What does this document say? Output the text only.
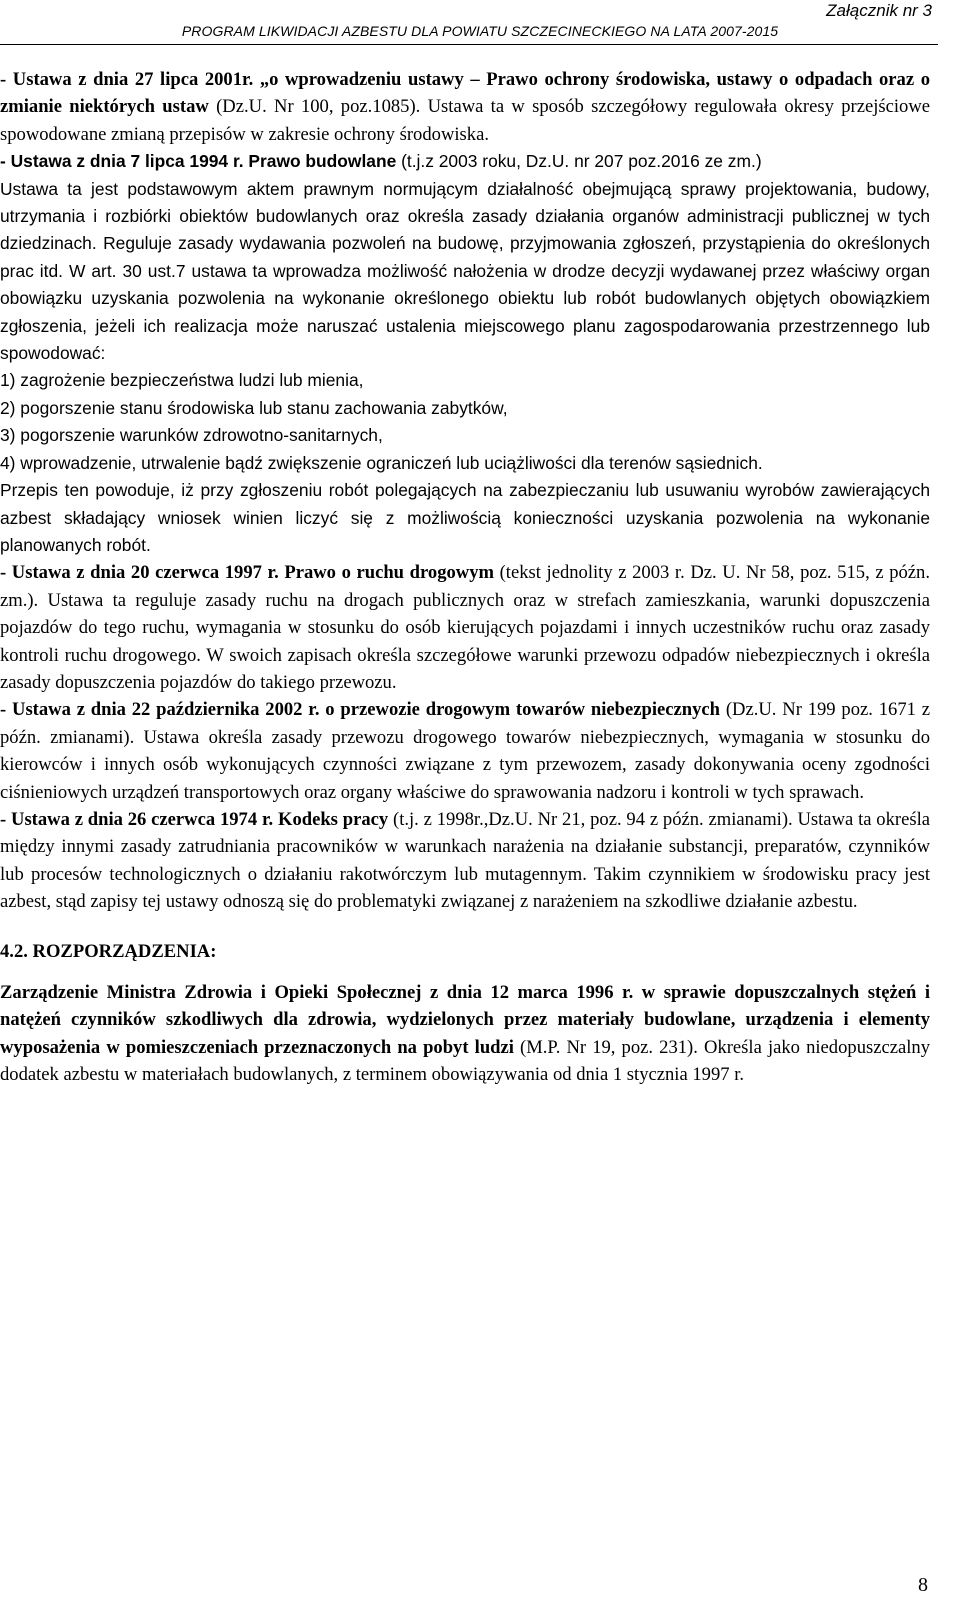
Załącznik nr 3
PROGRAM LIKWIDACJI AZBESTU DLA POWIATU SZCZECINECKIEGO NA LATA 2007-2015

- Ustawa z dnia 27 lipca 2001r. „o wprowadzeniu ustawy – Prawo ochrony środowiska, ustawy o odpadach oraz o zmianie niektórych ustaw (Dz.U. Nr 100, poz.1085). Ustawa ta w sposób szczegółowy regulowała okresy przejściowe spowodowane zmianą przepisów w zakresie ochrony środowiska.

- Ustawa z dnia 7 lipca 1994 r. Prawo budowlane (t.j.z 2003 roku, Dz.U. nr 207 poz.2016 ze zm.)

Ustawa ta jest podstawowym aktem prawnym normującym działalność obejmującą sprawy projektowania, budowy, utrzymania i rozbiórki obiektów budowlanych oraz określa zasady działania organów administracji publicznej w tych dziedzinach. Reguluje zasady wydawania pozwoleń na budowę, przyjmowania zgłoszeń, przystąpienia do określonych prac itd. W art. 30 ust.7 ustawa ta wprowadza możliwość nałożenia w drodze decyzji wydawanej przez właściwy organ obowiązku uzyskania pozwolenia na wykonanie określonego obiektu lub robót budowlanych objętych obowiązkiem zgłoszenia, jeżeli ich realizacja może naruszać ustalenia miejscowego planu zagospodarowania przestrzennego lub spowodować:

1) zagrożenie bezpieczeństwa ludzi lub mienia,
2) pogorszenie stanu środowiska lub stanu zachowania zabytków,
3) pogorszenie warunków zdrowotno-sanitarnych,
4) wprowadzenie, utrwalenie bądź zwiększenie ograniczeń lub uciążliwości dla terenów sąsiednich.

Przepis ten powoduje, iż przy zgłoszeniu robót polegających na zabezpieczaniu lub usuwaniu wyrobów zawierających azbest składający wniosek winien liczyć się z możliwością konieczności uzyskania pozwolenia na wykonanie planowanych robót.

- Ustawa z dnia 20 czerwca 1997 r. Prawo o ruchu drogowym (tekst jednolity z 2003 r. Dz. U. Nr 58, poz. 515, z późn. zm.). Ustawa ta reguluje zasady ruchu na drogach publicznych oraz w strefach zamieszkania, warunki dopuszczenia pojazdów do tego ruchu, wymagania w stosunku do osób kierujących pojazdami i innych uczestników ruchu oraz zasady kontroli ruchu drogowego. W swoich zapisach określa szczegółowe warunki przewozu odpadów niebezpiecznych i określa zasady dopuszczenia pojazdów do takiego przewozu.

- Ustawa z dnia 22 października 2002 r. o przewozie drogowym towarów niebezpiecznych (Dz.U. Nr 199 poz. 1671 z późn. zmianami). Ustawa określa zasady przewozu drogowego towarów niebezpiecznych, wymagania w stosunku do kierowców i innych osób wykonujących czynności związane z tym przewozem, zasady dokonywania oceny zgodności ciśnieniowych urządzeń transportowych oraz organy właściwe do sprawowania nadzoru i kontroli w tych sprawach.

- Ustawa z dnia 26 czerwca 1974 r. Kodeks pracy (t.j. z 1998r.,Dz.U. Nr 21, poz. 94 z późn. zmianami). Ustawa ta określa między innymi zasady zatrudniania pracowników w warunkach narażenia na działanie substancji, preparatów, czynników lub procesów technologicznych o działaniu rakotwórczym lub mutagennym. Takim czynnikiem w środowisku pracy jest azbest, stąd zapisy tej ustawy odnoszą się do problematyki związanej z narażeniem na szkodliwe działanie azbestu.

4.2. ROZPORZĄDZENIA:

Zarządzenie Ministra Zdrowia i Opieki Społecznej z dnia 12 marca 1996 r. w sprawie dopuszczalnych stężeń i natężeń czynników szkodliwych dla zdrowia, wydzielonych przez materiały budowlane, urządzenia i elementy wyposażenia w pomieszczeniach przeznaczonych na pobyt ludzi (M.P. Nr 19, poz. 231). Określa jako niedopuszczalny dodatek azbestu w materiałach budowlanych, z terminem obowiązywania od dnia 1 stycznia 1997 r.

8
